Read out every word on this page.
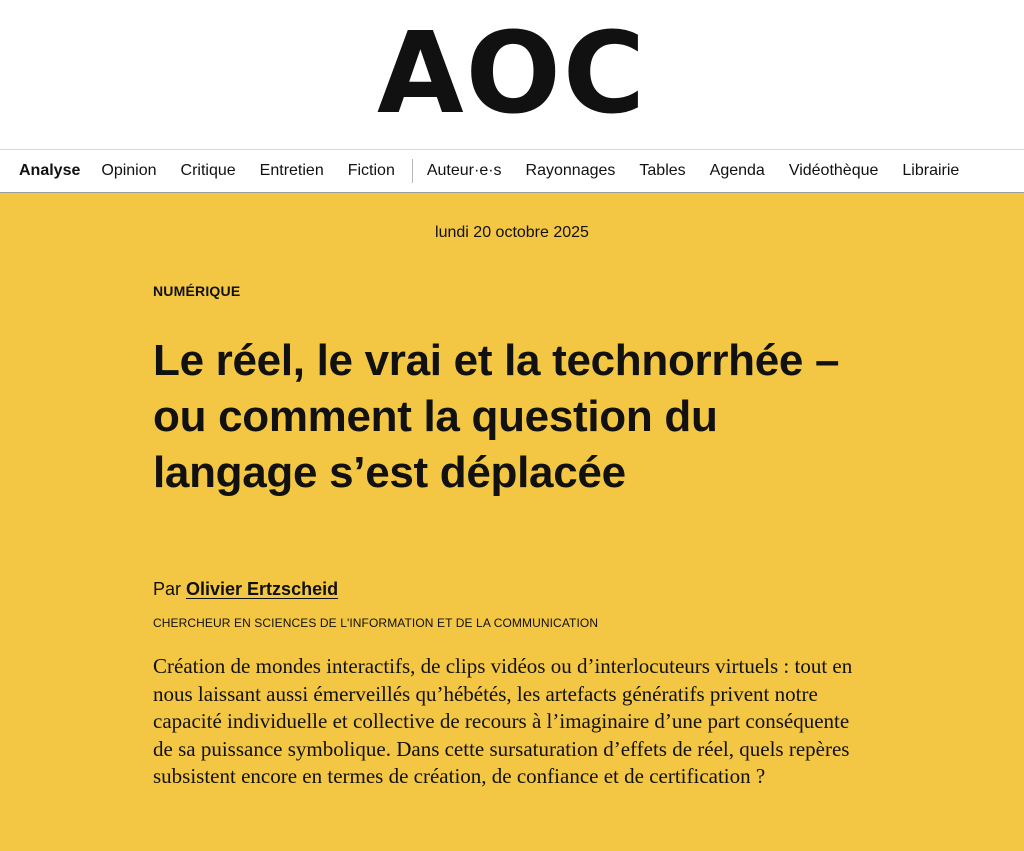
AOC
Analyse Opinion Critique Entretien Fiction Auteur·e·s Rayonnages Tables Agenda Vidéothèque Librairie
lundi 20 octobre 2025
NUMÉRIQUE
Le réel, le vrai et la technorrhée – ou comment la question du langage s’est déplacée
Par Olivier Ertzscheid
CHERCHEUR EN SCIENCES DE L'INFORMATION ET DE LA COMMUNICATION

Création de mondes interactifs, de clips vidéos ou d’interlocuteurs virtuels : tout en nous laissant aussi émerveillés qu’hébétés, les artefacts génératifs privent notre capacité individuelle et collective de recours à l’imaginaire d’une part conséquente de sa puissance symbolique. Dans cette sursaturation d’effets de réel, quels repères subsistent encore en termes de création, de confiance et de certification ?
